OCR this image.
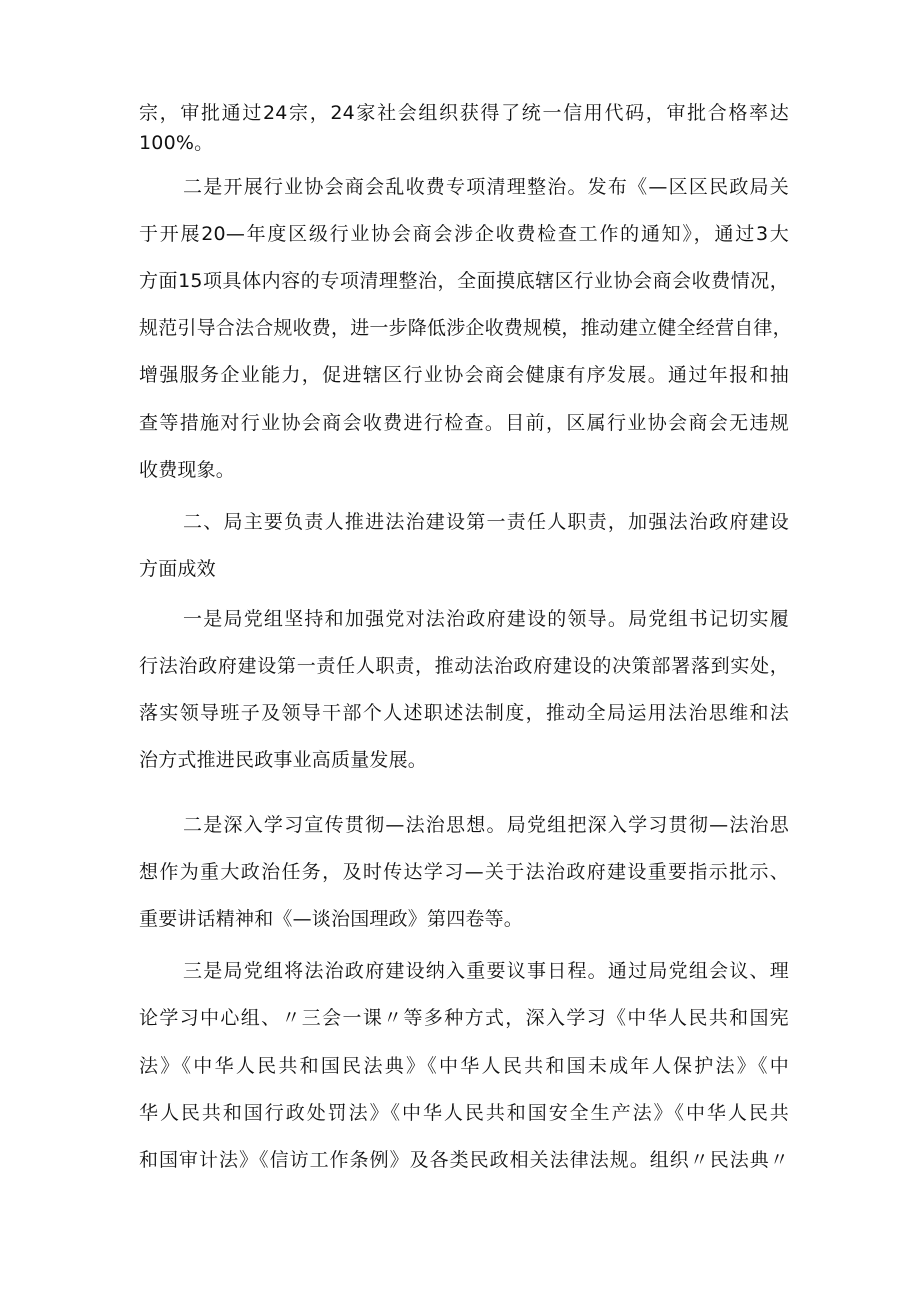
宗，审批通过24宗，24家社会组织获得了统一信用代码，审批合格率达
100%。
二是开展行业协会商会乱收费专项清理整治。发布《—区区民政局关
于开展20—年度区级行业协会商会涉企收费检查工作的通知》，通过3大
方面15项具体内容的专项清理整治，全面摸底辖区行业协会商会收费情况，
规范引导合法合规收费，进一步降低涉企收费规模，推动建立健全经营自律，
增强服务企业能力，促进辖区行业协会商会健康有序发展。通过年报和抽
查等措施对行业协会商会收费进行检查。目前，区属行业协会商会无违规
收费现象。
二、局主要负责人推进法治建设第一责任人职责，加强法治政府建设
方面成效
一是局党组坚持和加强党对法治政府建设的领导。局党组书记切实履
行法治政府建设第一责任人职责，推动法治政府建设的决策部署落到实处，
落实领导班子及领导干部个人述职述法制度，推动全局运用法治思维和法
治方式推进民政事业高质量发展。
二是深入学习宣传贯彻—法治思想。局党组把深入学习贯彻—法治思
想作为重大政治任务，及时传达学习—关于法治政府建设重要指示批示、
重要讲话精神和《—谈治国理政》第四卷等。
三是局党组将法治政府建设纳入重要议事日程。通过局党组会议、理
论学习中心组、〃三会一课〃等多种方式，深入学习《中华人民共和国宪
法》《中华人民共和国民法典》《中华人民共和国未成年人保护法》《中
华人民共和国行政处罚法》《中华人民共和国安全生产法》《中华人民共
和国审计法》《信访工作条例》及各类民政相关法律法规。组织〃民法典〃
